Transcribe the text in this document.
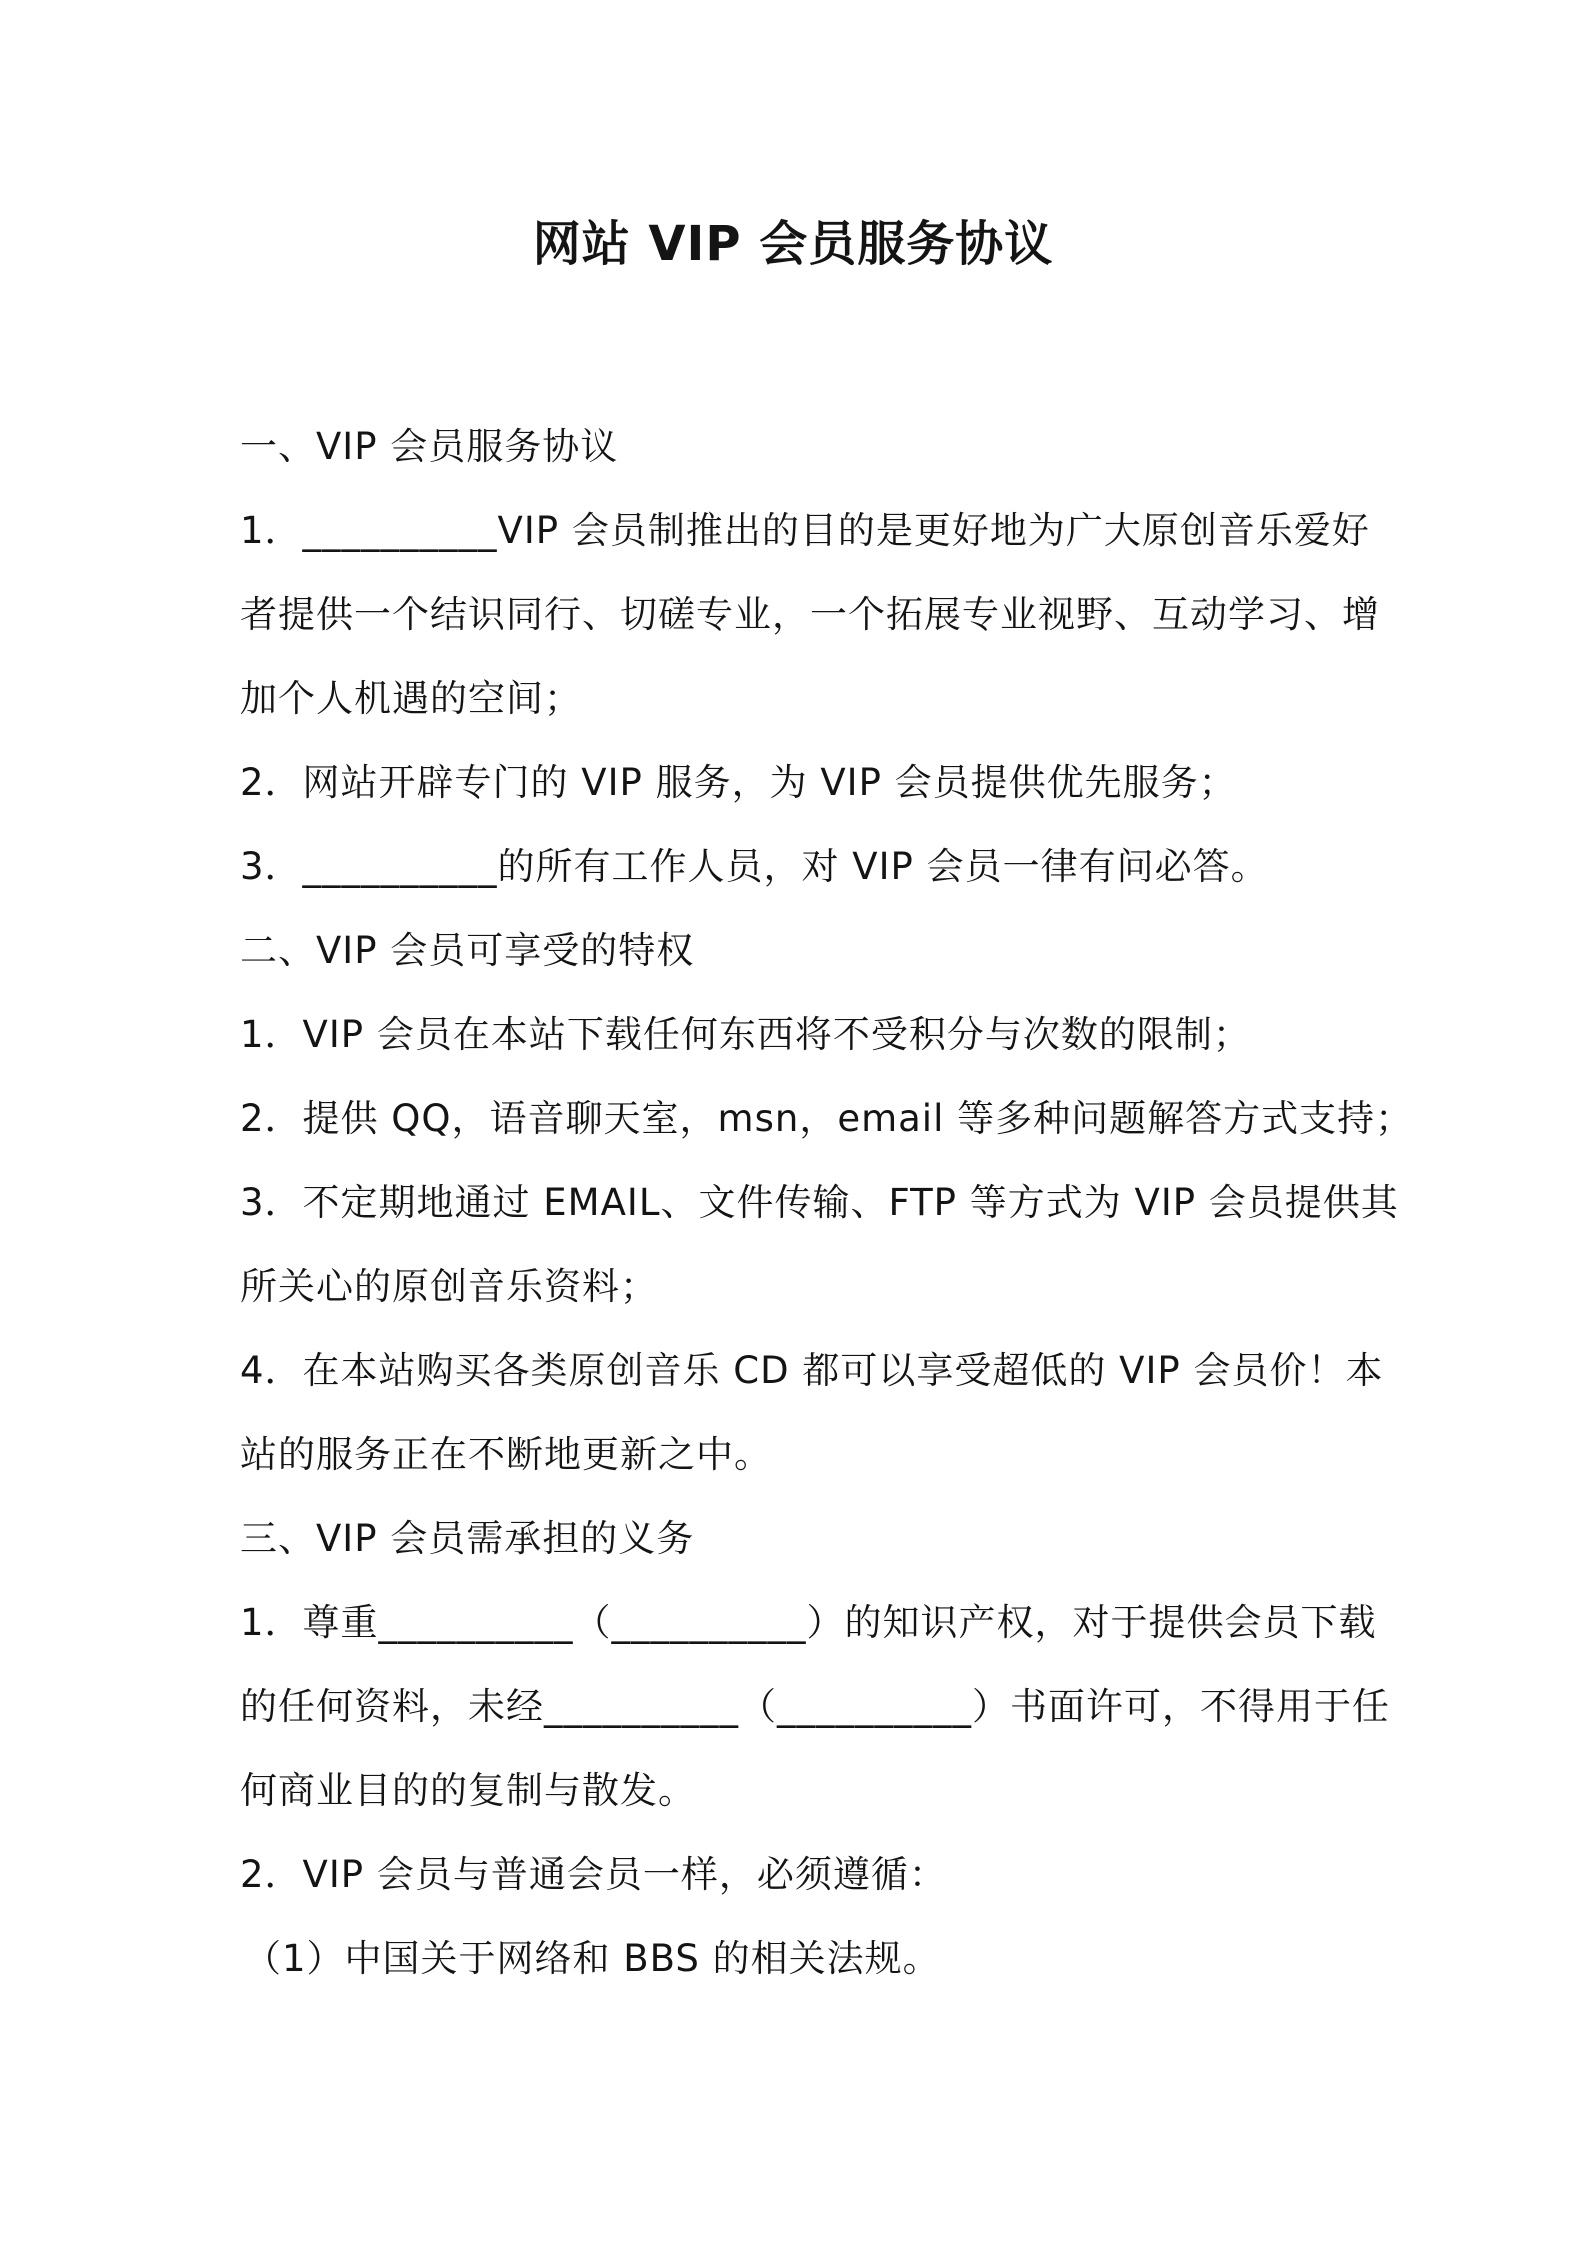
网站 VIP 会员服务协议
一、VIP 会员服务协议
1．__________VIP 会员制推出的目的是更好地为广大原创音乐爱好
者提供一个结识同行、切磋专业，一个拓展专业视野、互动学习、增
加个人机遇的空间；
2．网站开辟专门的 VIP 服务，为 VIP 会员提供优先服务；
3．__________的所有工作人员，对 VIP 会员一律有问必答。
二、VIP 会员可享受的特权
1．VIP 会员在本站下载任何东西将不受积分与次数的限制；
2．提供 QQ，语音聊天室，msn，email 等多种问题解答方式支持；
3．不定期地通过 EMAIL、文件传输、FTP 等方式为 VIP 会员提供其
所关心的原创音乐资料；
4．在本站购买各类原创音乐 CD 都可以享受超低的 VIP 会员价！本
站的服务正在不断地更新之中。
三、VIP 会员需承担的义务
1．尊重__________（__________）的知识产权，对于提供会员下载
的任何资料，未经__________（__________）书面许可，不得用于任
何商业目的的复制与散发。
2．VIP 会员与普通会员一样，必须遵循：
（1）中国关于网络和 BBS 的相关法规。
